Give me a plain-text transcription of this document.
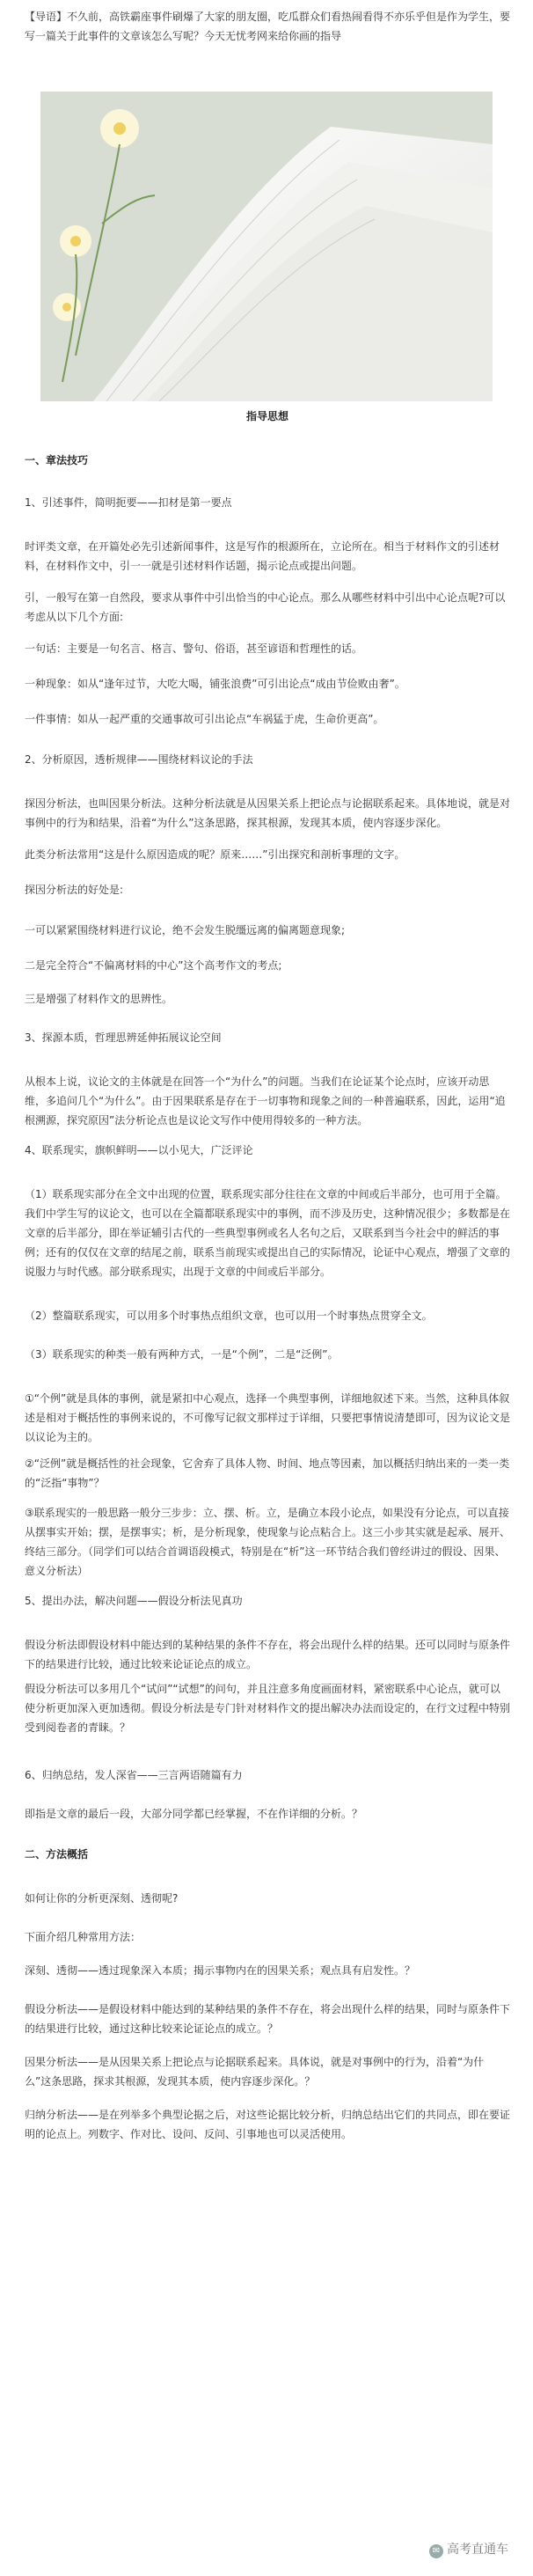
【导语】不久前，高铁霸座事件刷爆了大家的朋友圈，吃瓜群众们看热闹看得不亦乐乎但是作为学生，要写一篇关于此事件的文章该怎么写呢？今天无忧考网来给你画的指导

指导思想

一、章法技巧

1、引述事件，简明扼要——扣材是第一要点

时评类文章，在开篇处必先引述新闻事件，这是写作的根源所在，立论所在。相当于材料作文的引述材料，在材料作文中，引一一就是引述材料作话题，揭示论点或提出问题。

引，一般写在第一自然段，要求从事件中引出恰当的中心论点。那么从哪些材料中引出中心论点呢?可以考虑从以下几个方面:

一句话：主要是一句名言、格言、警句、俗语，甚至谚语和哲理性的话。

一种现象：如从“逢年过节，大吃大喝，铺张浪费”可引出论点“成由节俭败由奢”。

一件事情：如从一起严重的交通事故可引出论点“车祸猛于虎，生命价更高”。

2、分析原因，透析规律——围绕材料议论的手法

探因分析法，也叫因果分析法。这种分析法就是从因果关系上把论点与论据联系起来。具体地说，就是对事例中的行为和结果，沿着“为什么”这条思路，探其根源，发现其本质，使内容逐步深化。

此类分析法常用“这是什么原因造成的呢？原来……”引出探究和剖析事理的文字。

探因分析法的好处是:

一可以紧紧围绕材料进行议论，绝不会发生脱缰远离的偏离题意现象;

二是完全符合“不偏离材料的中心”这个高考作文的考点;

三是增强了材料作文的思辨性。

3、探源本质，哲理思辨延伸拓展议论空间

从根本上说，议论文的主体就是在回答一个“为什么”的问题。当我们在论证某个论点时，应该开动思维，多追问几个“为什么”。由于因果联系是存在于一切事物和现象之间的一种普遍联系，因此，运用“追根溯源，探究原因”法分析论点也是议论文写作中使用得较多的一种方法。

4、联系现实，旗帜鲜明——以小见大，广泛评论

（1）联系现实部分在全文中出现的位置，联系现实部分往往在文章的中间或后半部分，也可用于全篇。我们中学生写的议论文，也可以在全篇都联系现实中的事例，而不涉及历史，这种情况很少；多数都是在文章的后半部分，即在举证辅引古代的一些典型事例或名人名句之后，又联系到当今社会中的鲜活的事例；还有的仅仅在文章的结尾之前，联系当前现实或提出自己的实际情况，论证中心观点，增强了文章的说服力与时代感。部分联系现实，出现于文章的中间或后半部分。

（2）整篇联系现实，可以用多个时事热点组织文章，也可以用一个时事热点贯穿全文。

（3）联系现实的种类一般有两种方式，一是“个例”，二是“泛例”。

①“个例”就是具体的事例，就是紧扣中心观点，选择一个典型事例，详细地叙述下来。当然，这种具体叙述是相对于概括性的事例来说的，不可像写记叙文那样过于详细，只要把事情说清楚即可，因为议论文是以议论为主的。

②“泛例”就是概括性的社会现象，它舍弃了具体人物、时间、地点等因素，加以概括归纳出来的一类一类的“泛指“事物”？

③联系现实的一般思路一般分三步步：立、摆、析。立，是确立本段小论点，如果没有分论点，可以直接从摆事实开始；摆，是摆事实；析，是分析现象，使现象与论点粘合上。这三小步其实就是起承、展开、终结三部分。（同学们可以结合首调语段模式，特别是在“析”这一环节结合我们曾经讲过的假设、因果、意义分析法）

5、提出办法，解决问题——假设分析法见真功

假设分析法即假设材料中能达到的某种结果的条件不存在，将会出现什么样的结果。还可以同时与原条件下的结果进行比较，通过比较来论证论点的成立。

假设分析法可以多用几个“试问”“试想”的问句，并且注意多角度画面材料，紧密联系中心论点，就可以使分析更加深入更加透彻。假设分析法是专门针对材料作文的提出解决办法而设定的，在行文过程中特别受到阅卷者的青睐。？

6、归纳总结，发人深省——三言两语随篇有力

即指是文章的最后一段，大部分同学都已经掌握，不在作详细的分析。？

二、方法概括

如何让你的分析更深刻、透彻呢?

下面介绍几种常用方法：

深刻、透彻——透过现象深入本质；揭示事物内在的因果关系；观点具有启发性。？

假设分析法——是假设材料中能达到的某种结果的条件不存在，将会出现什么样的结果，同时与原条件下的结果进行比较，通过这种比较来论证论点的成立。？

因果分析法——是从因果关系上把论点与论据联系起来。具体说，就是对事例中的行为，沿着“为什么”这条思路，探求其根源，发现其本质，使内容逐步深化。？

归纳分析法——是在列举多个典型论据之后，对这些论据比较分析，归纳总结出它们的共同点，即在要证明的论点上。列数字、作对比、设问、反问、引事地也可以灵活使用。

✉ 高考直通车
